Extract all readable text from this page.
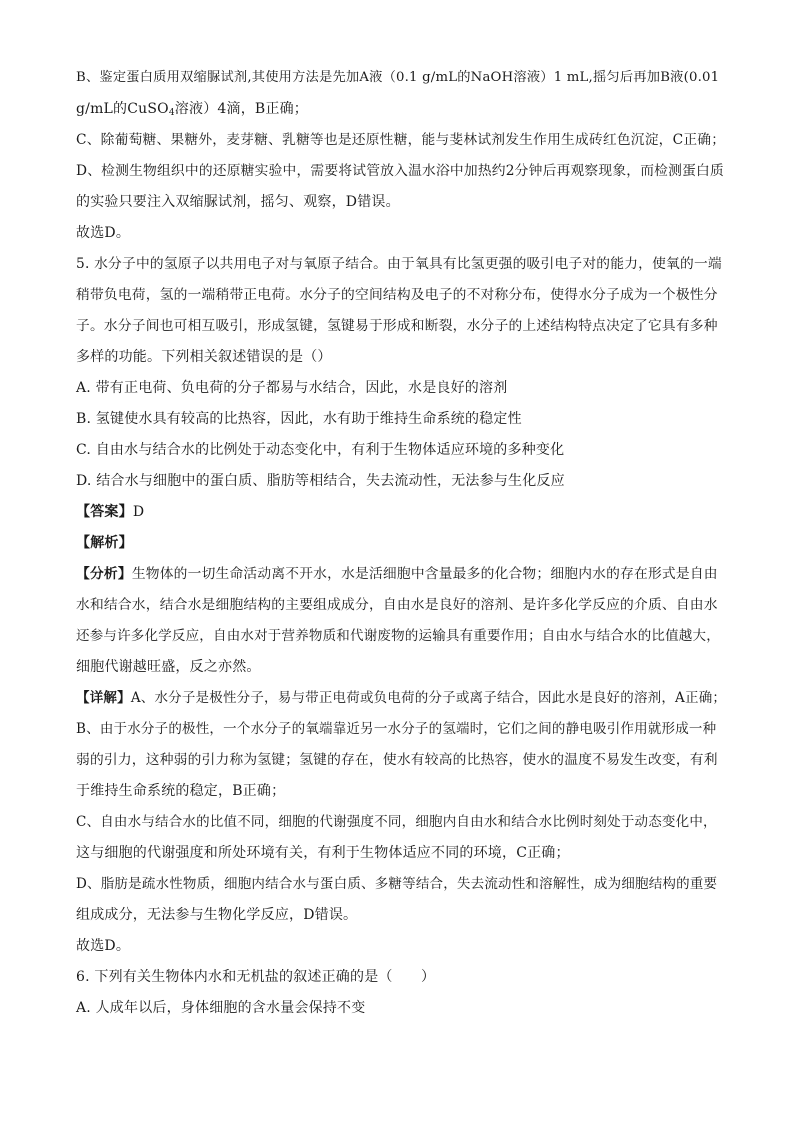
B、鉴定蛋白质用双缩脲试剂,其使用方法是先加A液（0.1 g/mL的NaOH溶液）1 mL,摇匀后再加B液(0.01
g/mL的CuSO$_4$溶液）4滴，B正确；
C、除葡萄糖、果糖外，麦芽糖、乳糖等也是还原性糖，能与斐林试剂发生作用生成砖红色沉淀，C正确；
D、检测生物组织中的还原糖实验中，需要将试管放入温水浴中加热约2分钟后再观察现象，而检测蛋白质
的实验只要注入双缩脲试剂，摇匀、观察，D错误。
故选D。
5. 水分子中的氢原子以共用电子对与氧原子结合。由于氧具有比氢更强的吸引电子对的能力，使氧的一端
稍带负电荷，氢的一端稍带正电荷。水分子的空间结构及电子的不对称分布，使得水分子成为一个极性分
子。水分子间也可相互吸引，形成氢键，氢键易于形成和断裂，水分子的上述结构特点决定了它具有多种
多样的功能。下列相关叙述错误的是（）
A. 带有正电荷、负电荷的分子都易与水结合，因此，水是良好的溶剂
B. 氢键使水具有较高的比热容，因此，水有助于维持生命系统的稳定性
C. 自由水与结合水的比例处于动态变化中，有利于生物体适应环境的多种变化
D. 结合水与细胞中的蛋白质、脂肪等相结合，失去流动性，无法参与生化反应
【答案】D
【解析】
【分析】生物体的一切生命活动离不开水，水是活细胞中含量最多的化合物；细胞内水的存在形式是自由
水和结合水，结合水是细胞结构的主要组成成分，自由水是良好的溶剂、是许多化学反应的介质、自由水
还参与许多化学反应，自由水对于营养物质和代谢废物的运输具有重要作用；自由水与结合水的比值越大，
细胞代谢越旺盛，反之亦然。
【详解】A、水分子是极性分子，易与带正电荷或负电荷的分子或离子结合，因此水是良好的溶剂，A正确；
B、由于水分子的极性，一个水分子的氧端靠近另一水分子的氢端时，它们之间的静电吸引作用就形成一种
弱的引力，这种弱的引力称为氢键；氢键的存在，使水有较高的比热容，使水的温度不易发生改变，有利
于维持生命系统的稳定，B正确；
C、自由水与结合水的比值不同，细胞的代谢强度不同，细胞内自由水和结合水比例时刻处于动态变化中，
这与细胞的代谢强度和所处环境有关，有利于生物体适应不同的环境，C正确；
D、脂肪是疏水性物质，细胞内结合水与蛋白质、多糖等结合，失去流动性和溶解性，成为细胞结构的重要
组成成分，无法参与生物化学反应，D错误。
故选D。
6. 下列有关生物体内水和无机盐的叙述正确的是（　　）
A. 人成年以后，身体细胞的含水量会保持不变
